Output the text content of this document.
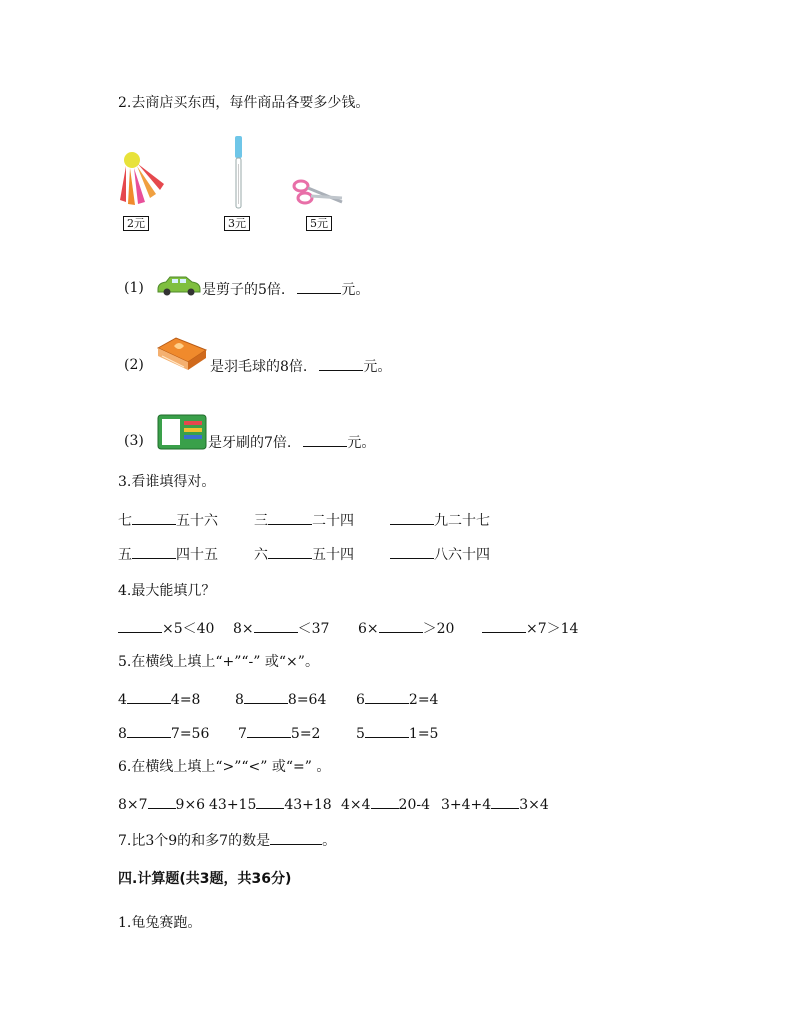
2.去商店买东西，每件商品各要多少钱。
2元	3元	5元
(1)	是剪子的5倍.	元。
(2)	是羽毛球的8倍.	元。
(3)	是牙刷的7倍.	元。
3.看谁填得对。
七	五十六	三	二十四	九二十七
五	四十五	六	五十四	八六十四
4.最大能填几？
×5＜40 8×	＜37 6×	＞20	×7＞14
5.在横线上填上“+”“-” 或“×”。
4	4=8 8	8=64 6	2=4
8	7=56 7	5=2	5	1=5
6.在横线上填上“>”“<” 或“=” 。
8×7 9×6 43+15 43+18 4×4 20-4 3+4+4 3×4
7.比3个9的和多7的数是	。
四.计算题(共3题，共36分)
1.龟兔赛跑。
